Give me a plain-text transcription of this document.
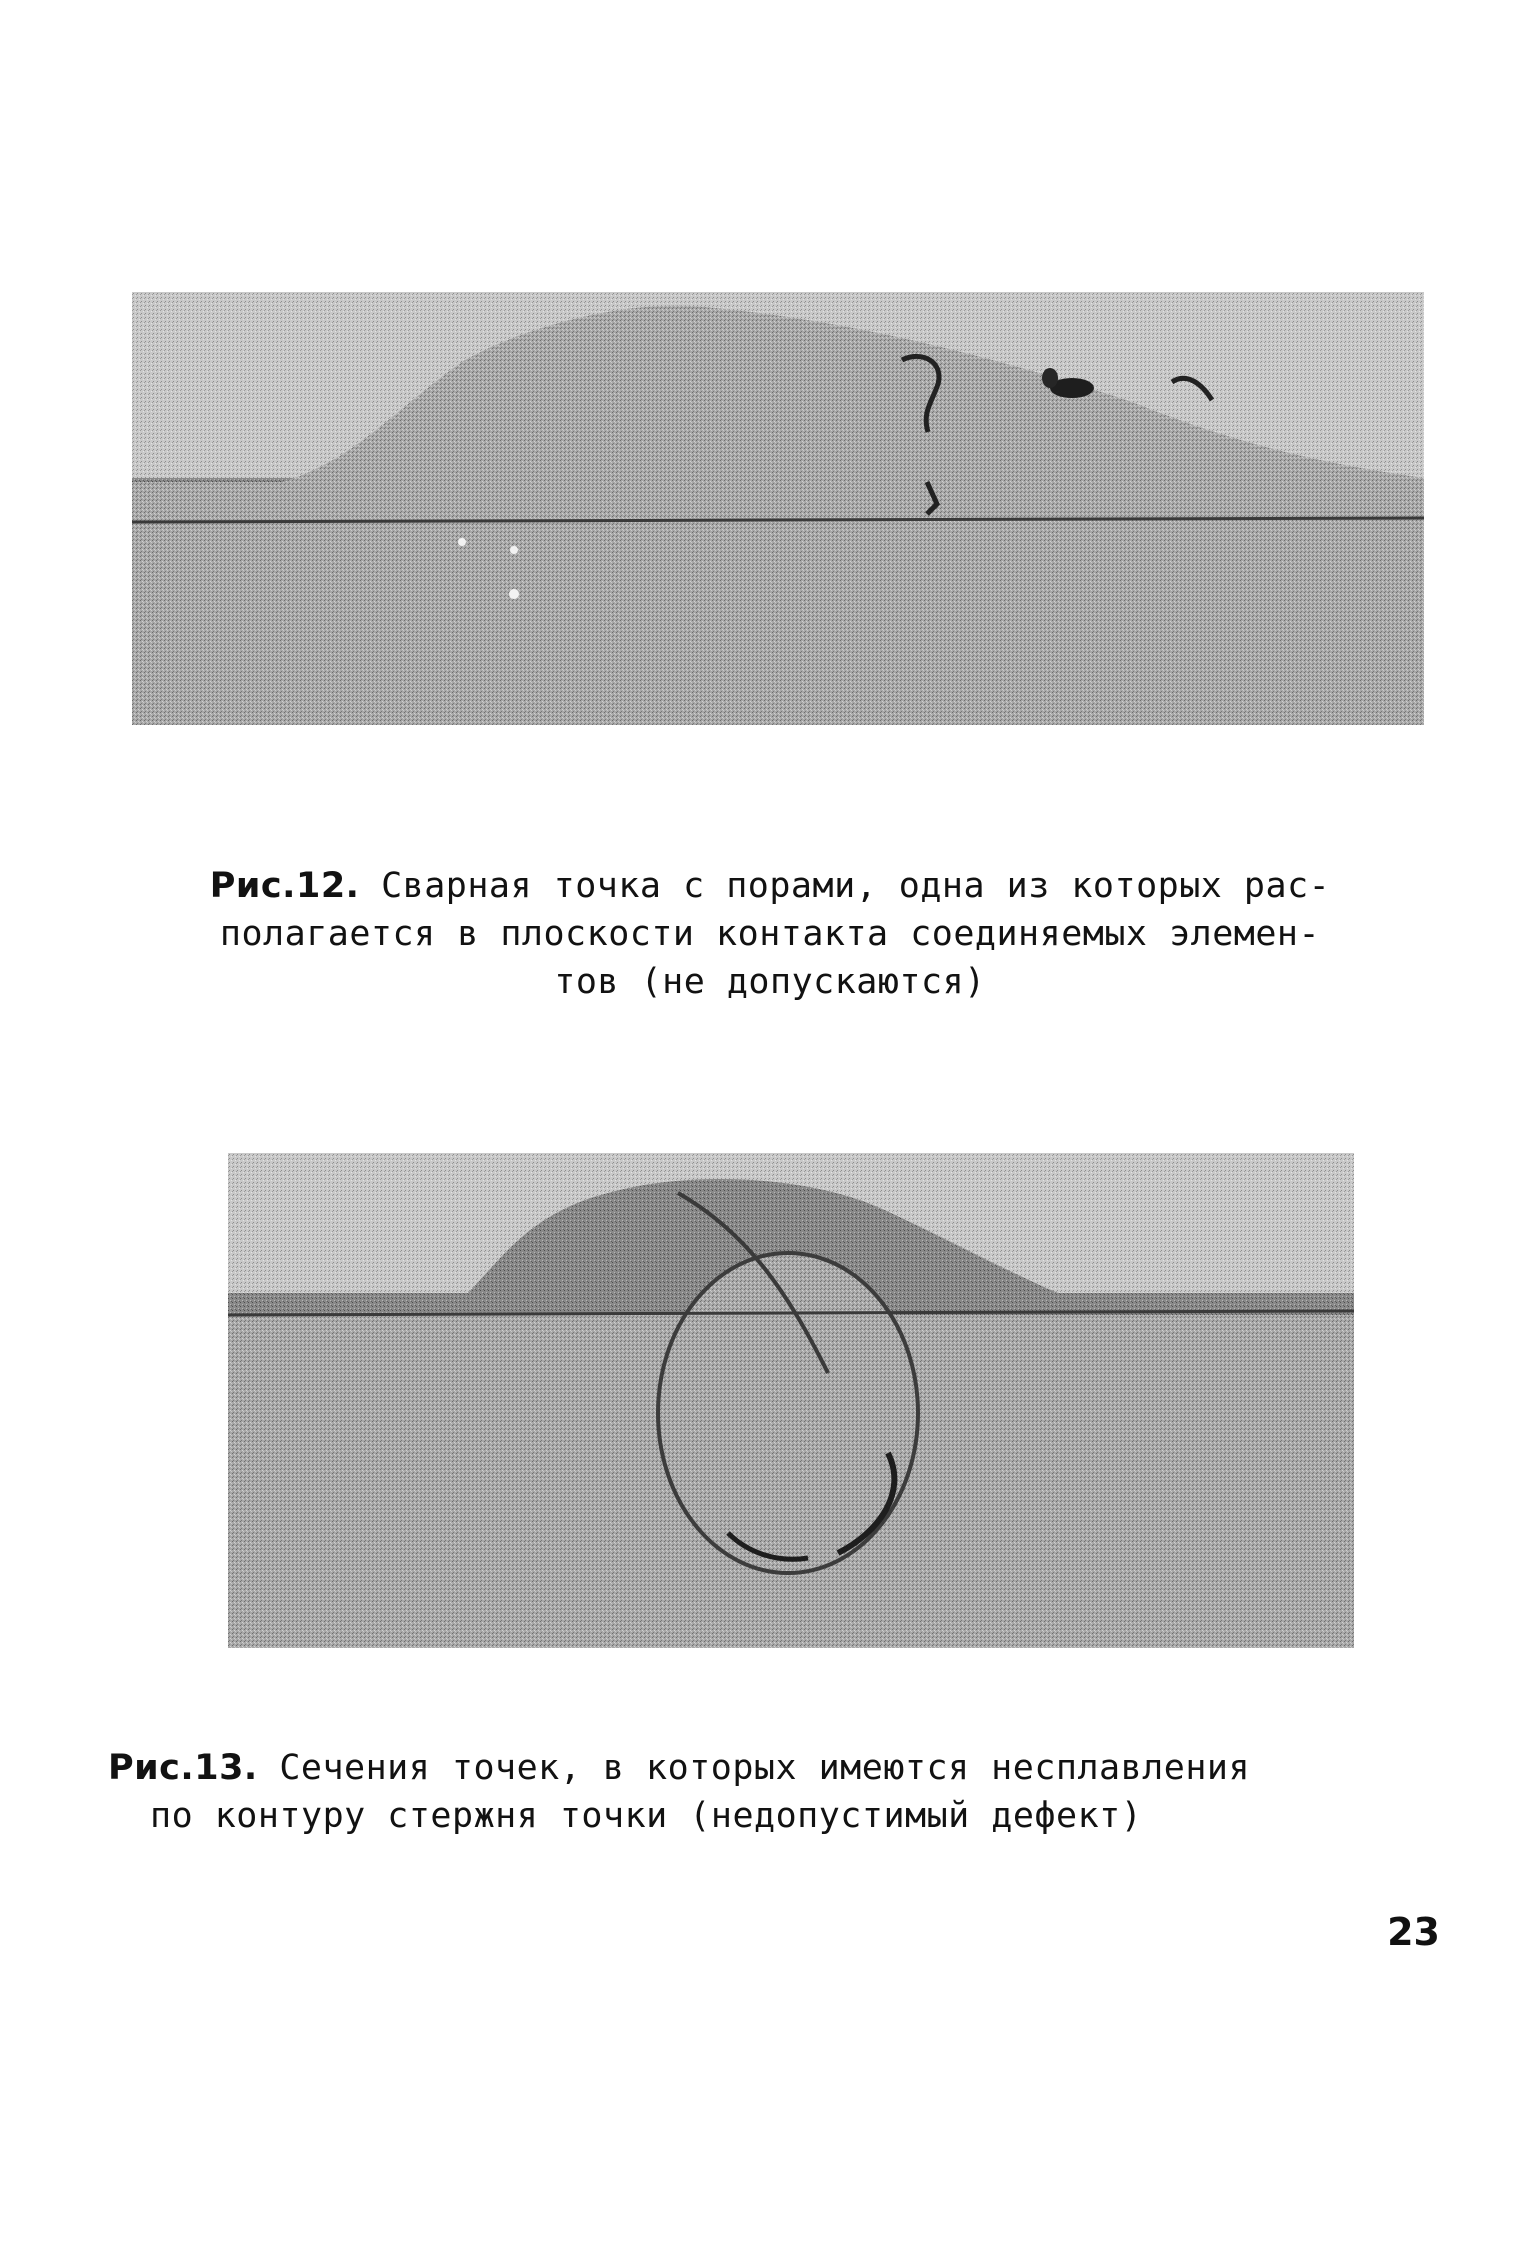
Рис.12. Сварная точка с порами, одна из которых рас-
полагается в плоскости контакта соединяемых элемен-
тов (не допускаются)
Рис.13. Сечения точек, в которых имеются несплавления
по контуру стержня точки (недопустимый дефект)
23
